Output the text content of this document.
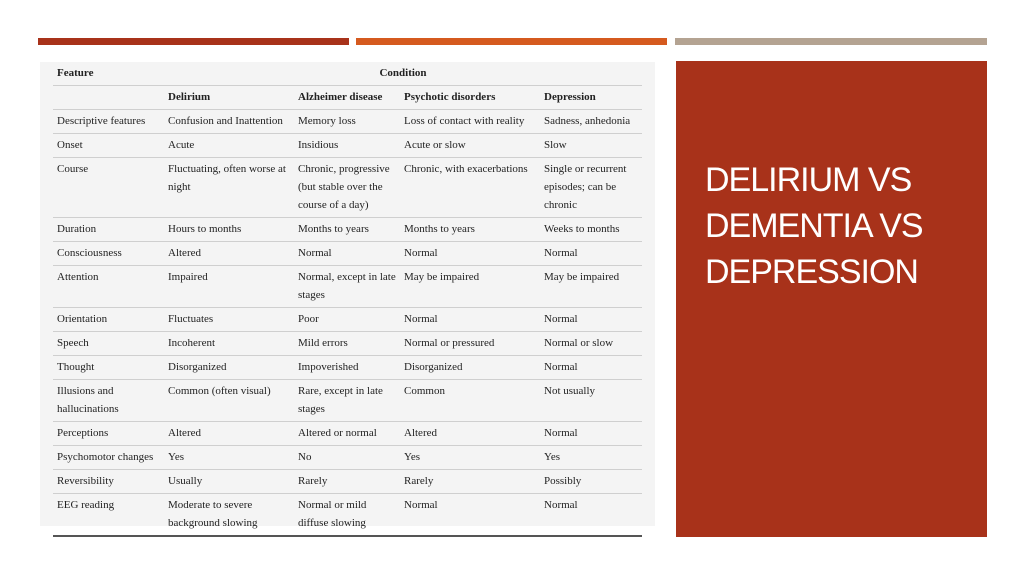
Feature	Condition			
	Delirium	Alzheimer disease	Psychotic disorders	Depression
Descriptive features	Confusion and Inattention	Memory loss	Loss of contact with reality	Sadness, anhedonia
Onset	Acute	Insidious	Acute or slow	Slow
Course	Fluctuating, often worse at night	Chronic, progressive (but stable over the course of a day)	Chronic, with exacerbations	Single or recurrent episodes; can be chronic
Duration	Hours to months	Months to years	Months to years	Weeks to months
Consciousness	Altered	Normal	Normal	Normal
Attention	Impaired	Normal, except in late stages	May be impaired	May be impaired
Orientation	Fluctuates	Poor	Normal	Normal
Speech	Incoherent	Mild errors	Normal or pressured	Normal or slow
Thought	Disorganized	Impoverished	Disorganized	Normal
Illusions and hallucinations	Common (often visual)	Rare, except in late stages	Common	Not usually
Perceptions	Altered	Altered or normal	Altered	Normal
Psychomotor changes	Yes	No	Yes	Yes
Reversibility	Usually	Rarely	Rarely	Possibly
EEG reading	Moderate to severe background slowing	Normal or mild diffuse slowing	Normal	Normal
DELIRIUM VS
DEMENTIA VS
DEPRESSION
